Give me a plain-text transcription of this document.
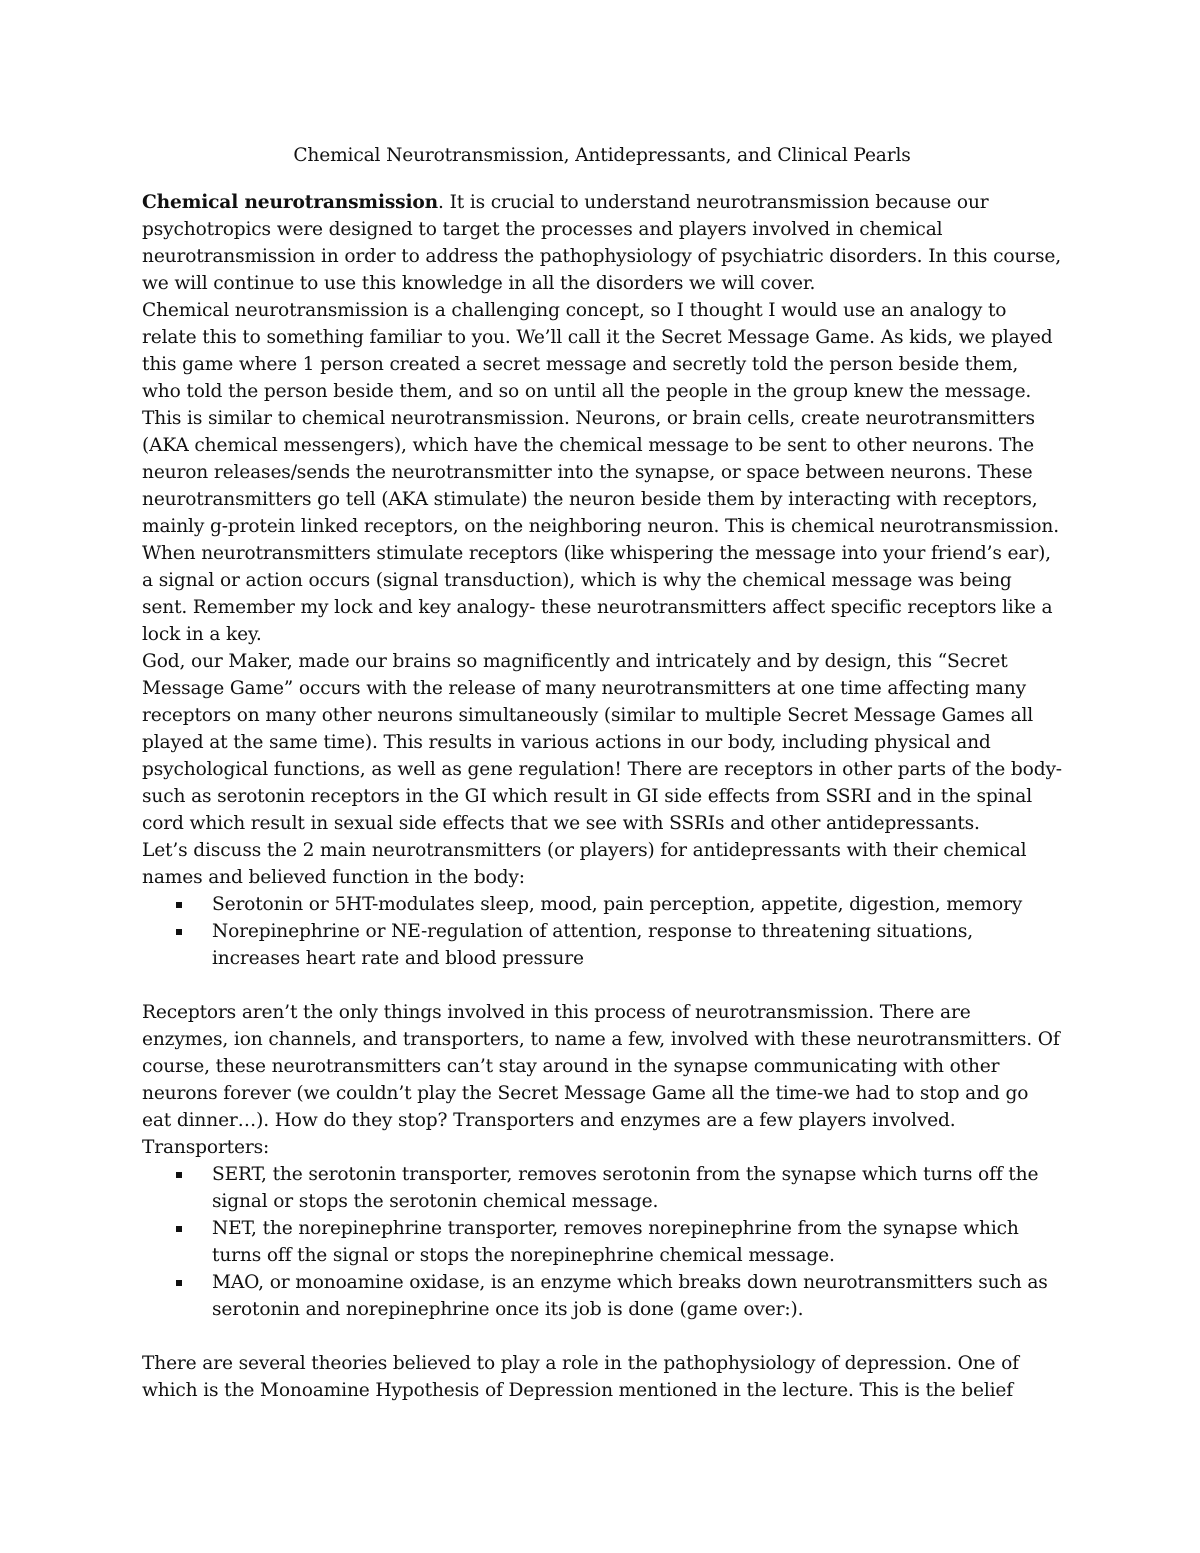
Chemical Neurotransmission, Antidepressants, and Clinical Pearls

Chemical neurotransmission. It is crucial to understand neurotransmission because our psychotropics were designed to target the processes and players involved in chemical neurotransmission in order to address the pathophysiology of psychiatric disorders. In this course, we will continue to use this knowledge in all the disorders we will cover.

Chemical neurotransmission is a challenging concept, so I thought I would use an analogy to relate this to something familiar to you. We’ll call it the Secret Message Game. As kids, we played this game where 1 person created a secret message and secretly told the person beside them, who told the person beside them, and so on until all the people in the group knew the message. This is similar to chemical neurotransmission. Neurons, or brain cells, create neurotransmitters (AKA chemical messengers), which have the chemical message to be sent to other neurons. The neuron releases/sends the neurotransmitter into the synapse, or space between neurons. These neurotransmitters go tell (AKA stimulate) the neuron beside them by interacting with receptors, mainly g-protein linked receptors, on the neighboring neuron. This is chemical neurotransmission. When neurotransmitters stimulate receptors (like whispering the message into your friend’s ear), a signal or action occurs (signal transduction), which is why the chemical message was being sent. Remember my lock and key analogy- these neurotransmitters affect specific receptors like a lock in a key.

God, our Maker, made our brains so magnificently and intricately and by design, this “Secret Message Game” occurs with the release of many neurotransmitters at one time affecting many receptors on many other neurons simultaneously (similar to multiple Secret Message Games all played at the same time). This results in various actions in our body, including physical and psychological functions, as well as gene regulation! There are receptors in other parts of the body-such as serotonin receptors in the GI which result in GI side effects from SSRI and in the spinal cord which result in sexual side effects that we see with SSRIs and other antidepressants.

Let’s discuss the 2 main neurotransmitters (or players) for antidepressants with their chemical names and believed function in the body:

Serotonin or 5HT-modulates sleep, mood, pain perception, appetite, digestion, memory
Norepinephrine or NE-regulation of attention, response to threatening situations, increases heart rate and blood pressure

Receptors aren’t the only things involved in this process of neurotransmission. There are enzymes, ion channels, and transporters, to name a few, involved with these neurotransmitters. Of course, these neurotransmitters can’t stay around in the synapse communicating with other neurons forever (we couldn’t play the Secret Message Game all the time-we had to stop and go eat dinner…). How do they stop? Transporters and enzymes are a few players involved.

Transporters:

SERT, the serotonin transporter, removes serotonin from the synapse which turns off the signal or stops the serotonin chemical message.
NET, the norepinephrine transporter, removes norepinephrine from the synapse which turns off the signal or stops the norepinephrine chemical message.
MAO, or monoamine oxidase, is an enzyme which breaks down neurotransmitters such as serotonin and norepinephrine once its job is done (game over:).

There are several theories believed to play a role in the pathophysiology of depression. One of which is the Monoamine Hypothesis of Depression mentioned in the lecture. This is the belief
